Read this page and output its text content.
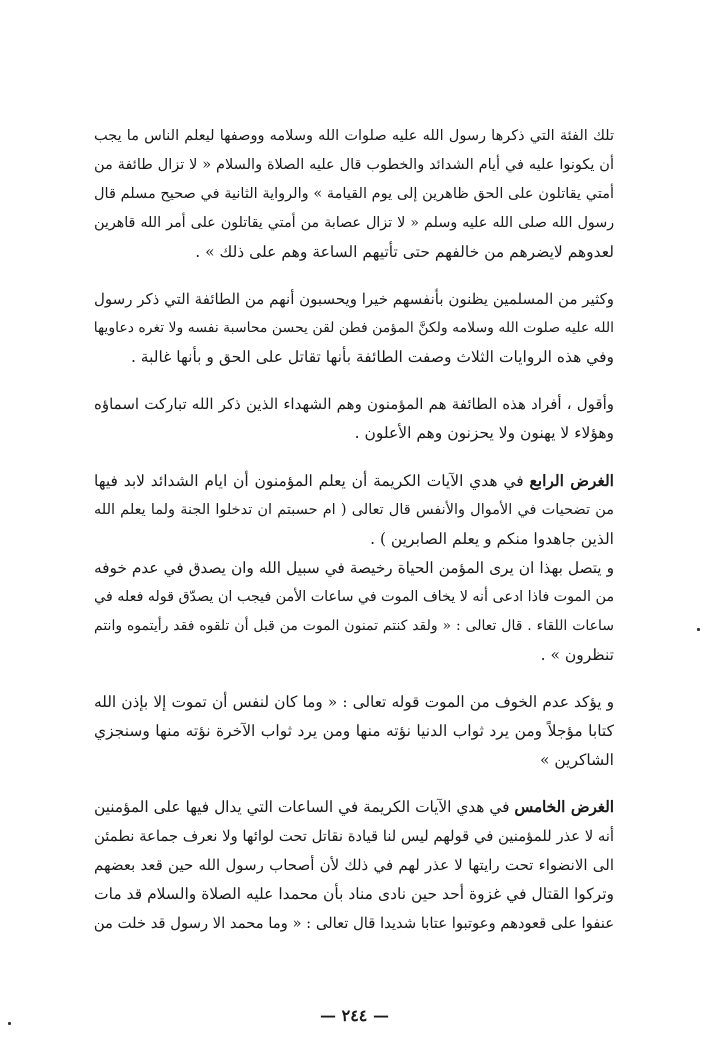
تلك الفئة التي ذكرها رسول الله عليه صلوات الله وسلامه ووصفها ليعلم الناس ما يجب
أن يكونوا عليه في أيام الشدائد والخطوب قال عليه الصلاة والسلام « لا تزال طائفة من
أمتي يقاتلون على الحق ظاهرين إلى يوم القيامة » والرواية الثانية في صحيح مسلم قال
رسول الله صلى الله عليه وسلم « لا تزال عصابة من أمتي يقاتلون على أمر الله قاهرين
لعدوهم لايضرهم من خالفهم حتى تأتيهم الساعة وهم على ذلك » .
وكثير من المسلمين يظنون بأنفسهم خيرا ويحسبون أنهم من الطائفة التي ذكر رسول
الله عليه صلوت الله وسلامه ولكنَّ المؤمن فطن لقن يحسن محاسبة نفسه ولا تغره دعاويها
وفي هذه الروايات الثلاث وصفت الطائفة بأنها تقاتل على الحق و بأنها غالبة .
وأقول ، أفراد هذه الطائفة هم المؤمنون وهم الشهداء الذين ذكر الله تباركت اسماؤه
وهؤلاء لا يهنون ولا يحزنون وهم الأعلون .
الغرض الرابع في هدي الآيات الكريمة أن يعلم المؤمنون أن ايام الشدائد لابد فيها
من تضحيات في الأموال والأنفس قال تعالى ( ام حسبتم ان تدخلوا الجنة ولما يعلم الله
الذين جاهدوا منكم و يعلم الصابرين ) .
و يتصل بهذا ان يرى المؤمن الحياة رخيصة في سبيل الله وان يصدق في عدم خوفه
من الموت فاذا ادعى أنه لا يخاف الموت في ساعات الأمن فيجب ان يصدّق قوله فعله في
ساعات اللقاء . قال تعالى : « ولقد كنتم تمنون الموت من قبل أن تلقوه فقد رأيتموه وانتم
تنظرون » .
و يؤكد عدم الخوف من الموت قوله تعالى : « وما كان لنفس أن تموت إلا بإذن الله
كتابا مؤجلاً ومن يرد ثواب الدنيا نؤته منها ومن يرد ثواب الآخرة نؤته منها وسنجزي
الشاكرين »
الغرض الخامس في هدي الآيات الكريمة في الساعات التي يدال فيها على المؤمنين
أنه لا عذر للمؤمنين في قولهم ليس لنا قيادة نقاتل تحت لوائها ولا نعرف جماعة نطمئن
الى الانضواء تحت رايتها لا عذر لهم في ذلك لأن أصحاب رسول الله حين قعد بعضهم
وتركوا القتال في غزوة أحد حين نادى مناد بأن محمدا عليه الصلاة والسلام قد مات
عنفوا على قعودهم وعوتبوا عتابا شديدا قال تعالى : « وما محمد الا رسول قد خلت من
— ٢٤٤ —
